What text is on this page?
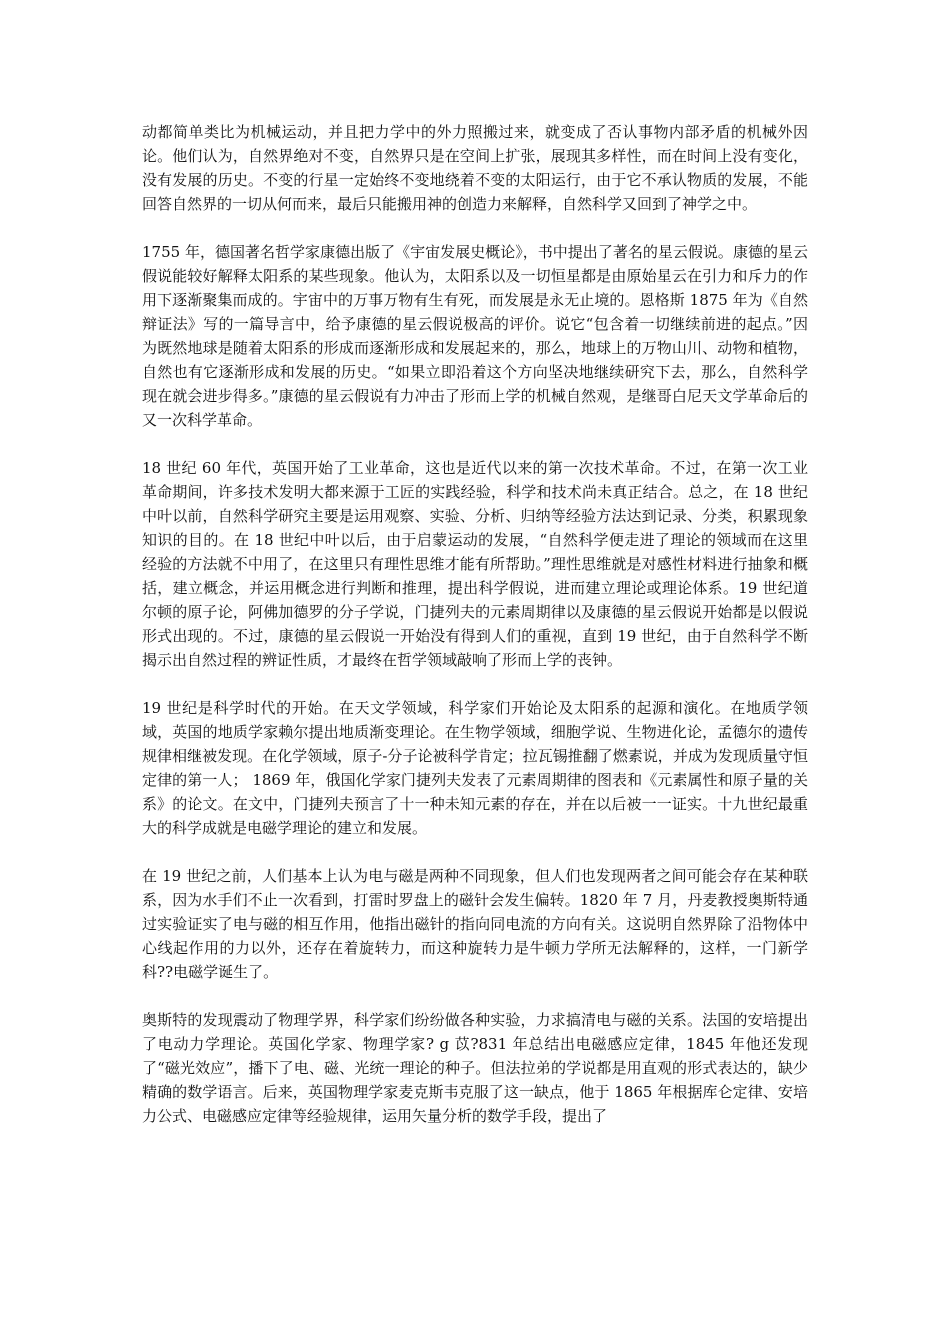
动都简单类比为机械运动，并且把力学中的外力照搬过来，就变成了否认事物内部矛盾的机械外因论。他们认为，自然界绝对不变，自然界只是在空间上扩张，展现其多样性，而在时间上没有变化，没有发展的历史。不变的行星一定始终不变地绕着不变的太阳运行，由于它不承认物质的发展，不能回答自然界的一切从何而来，最后只能搬用神的创造力来解释，自然科学又回到了神学之中。

1755 年，德国著名哲学家康德出版了《宇宙发展史概论》，书中提出了著名的星云假说。康德的星云假说能较好解释太阳系的某些现象。他认为，太阳系以及一切恒星都是由原始星云在引力和斥力的作用下逐渐聚集而成的。宇宙中的万事万物有生有死，而发展是永无止境的。恩格斯 1875 年为《自然辩证法》写的一篇导言中，给予康德的星云假说极高的评价。说它“包含着一切继续前进的起点。”因为既然地球是随着太阳系的形成而逐渐形成和发展起来的，那么，地球上的万物山川、动物和植物，自然也有它逐渐形成和发展的历史。“如果立即沿着这个方向坚决地继续研究下去，那么，自然科学现在就会进步得多。”康德的星云假说有力冲击了形而上学的机械自然观，是继哥白尼天文学革命后的又一次科学革命。

18 世纪 60 年代，英国开始了工业革命，这也是近代以来的第一次技术革命。不过，在第一次工业革命期间，许多技术发明大都来源于工匠的实践经验，科学和技术尚未真正结合。总之，在 18 世纪中叶以前，自然科学研究主要是运用观察、实验、分析、归纳等经验方法达到记录、分类，积累现象知识的目的。在 18 世纪中叶以后，由于启蒙运动的发展，“自然科学便走进了理论的领域而在这里经验的方法就不中用了，在这里只有理性思维才能有所帮助。”理性思维就是对感性材料进行抽象和概括，建立概念，并运用概念进行判断和推理，提出科学假说，进而建立理论或理论体系。19 世纪道尔顿的原子论，阿佛加德罗的分子学说，门捷列夫的元素周期律以及康德的星云假说开始都是以假说形式出现的。不过，康德的星云假说一开始没有得到人们的重视，直到 19 世纪，由于自然科学不断揭示出自然过程的辨证性质，才最终在哲学领域敲响了形而上学的丧钟。

19 世纪是科学时代的开始。在天文学领域，科学家们开始论及太阳系的起源和演化。在地质学领域，英国的地质学家赖尔提出地质渐变理论。在生物学领域，细胞学说、生物进化论，孟德尔的遗传规律相继被发现。在化学领域，原子-分子论被科学肯定；拉瓦锡推翻了燃素说，并成为发现质量守恒定律的第一人； 1869 年，俄国化学家门捷列夫发表了元素周期律的图表和《元素属性和原子量的关系》的论文。在文中，门捷列夫预言了十一种未知元素的存在，并在以后被一一证实。十九世纪最重大的科学成就是电磁学理论的建立和发展。

在 19 世纪之前，人们基本上认为电与磁是两种不同现象，但人们也发现两者之间可能会存在某种联系，因为水手们不止一次看到，打雷时罗盘上的磁针会发生偏转。1820 年 7 月，丹麦教授奥斯特通过实验证实了电与磁的相互作用，他指出磁针的指向同电流的方向有关。这说明自然界除了沿物体中心线起作用的力以外，还存在着旋转力，而这种旋转力是牛顿力学所无法解释的，这样，一门新学科??电磁学诞生了。

奥斯特的发现震动了物理学界，科学家们纷纷做各种实验，力求搞清电与磁的关系。法国的安培提出了电动力学理论。英国化学家、物理学家? g 苡?831 年总结出电磁感应定律，1845 年他还发现了“磁光效应”，播下了电、磁、光统一理论的种子。但法拉弟的学说都是用直观的形式表达的，缺少精确的数学语言。后来，英国物理学家麦克斯韦克服了这一缺点，他于 1865 年根据库仑定律、安培力公式、电磁感应定律等经验规律，运用矢量分析的数学手段，提出了
